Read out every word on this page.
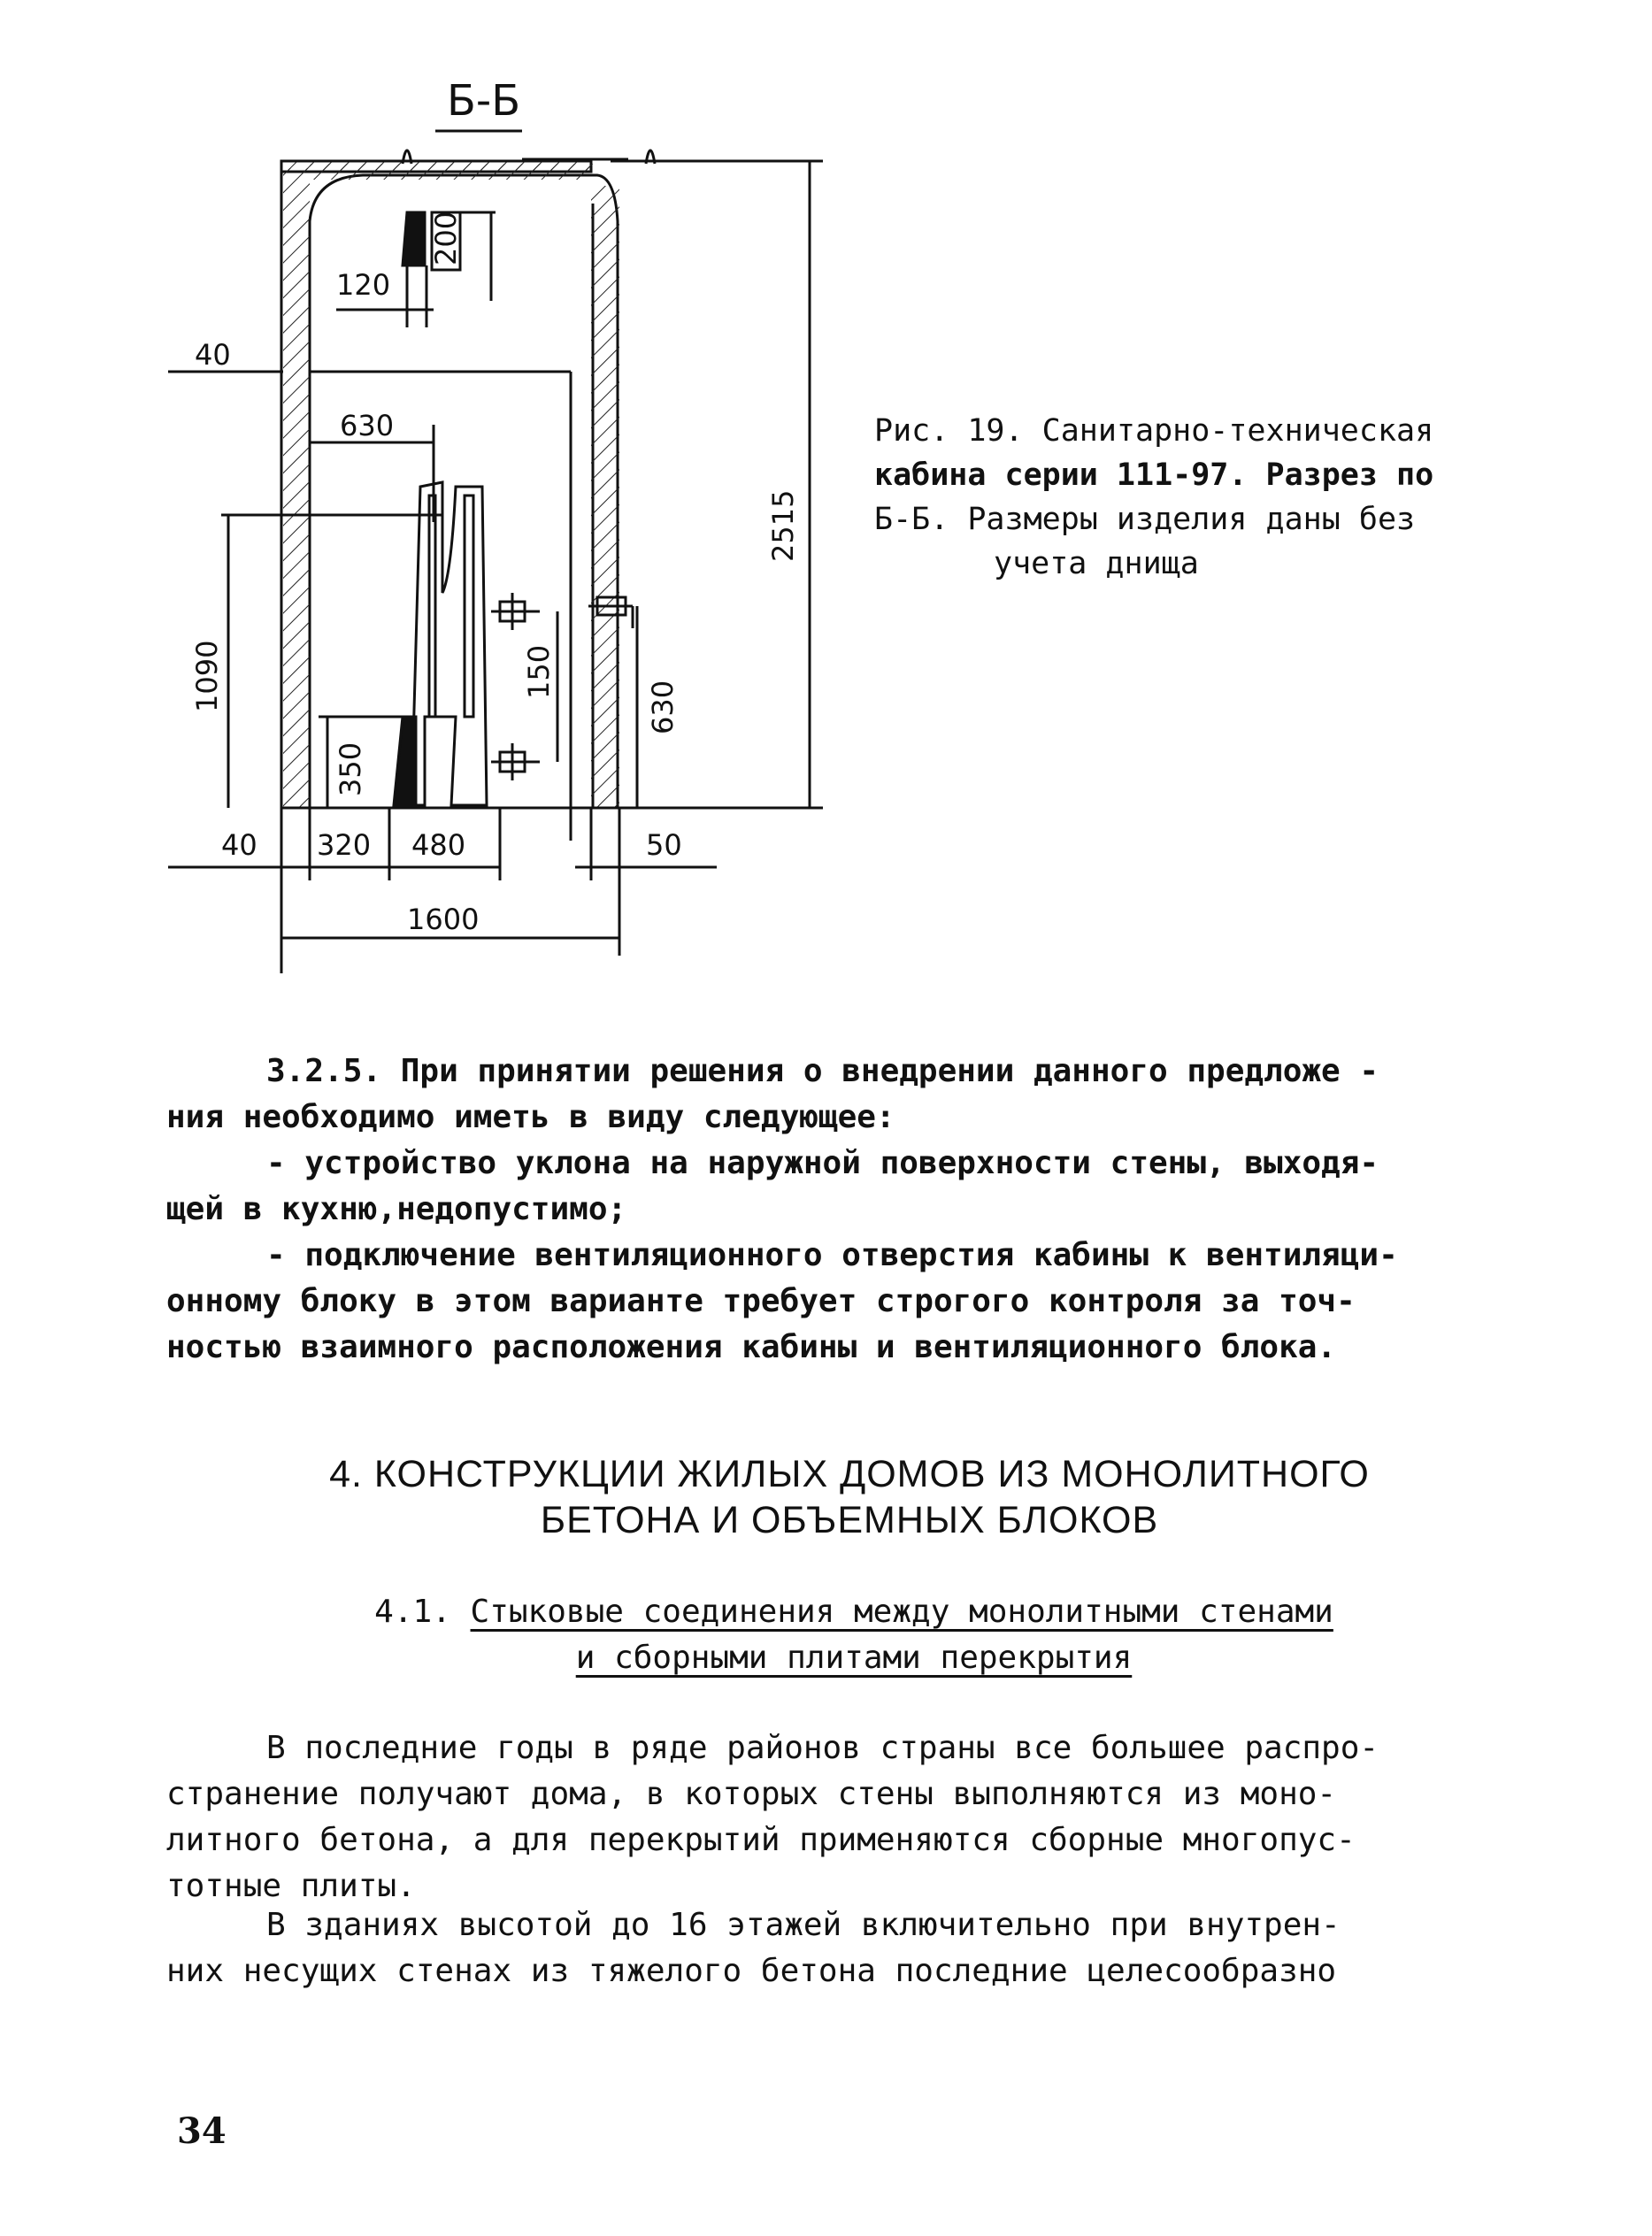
Б-Б
200
120
40
630
1090
350
150
630
2515
40 320 480	50
1600
Рис. 19. Санитарно-техническая
кабина серии 111-97. Разрез по
Б-Б. Размеры изделия даны без
учета днища
3.2.5. При принятии решения о внедрении данного предложе -
ния необходимо иметь в виду следующее:
- устройство уклона на наружной поверхности стены, выходя-
щей в кухню,недопустимо;
- подключение вентиляционного отверстия кабины к вентиляци-
онному блоку в этом варианте требует строгого контроля за точ-
ностью взаимного расположения кабины и вентиляционного блока.
4. КОНСТРУКЦИИ ЖИЛЫХ ДОМОВ ИЗ МОНОЛИТНОГО
БЕТОНА И ОБЪЕМНЫХ БЛОКОВ
4.1. Стыковые соединения между монолитными стенами
и сборными плитами перекрытия
В последние годы в ряде районов страны все большее распро-
странение получают дома, в которых стены выполняются из моно-
литного бетона, а для перекрытий применяются сборные многопус-
тотные плиты.
В зданиях высотой до 16 этажей включительно при внутрен-
них несущих стенах из тяжелого бетона последние целесообразно
34
